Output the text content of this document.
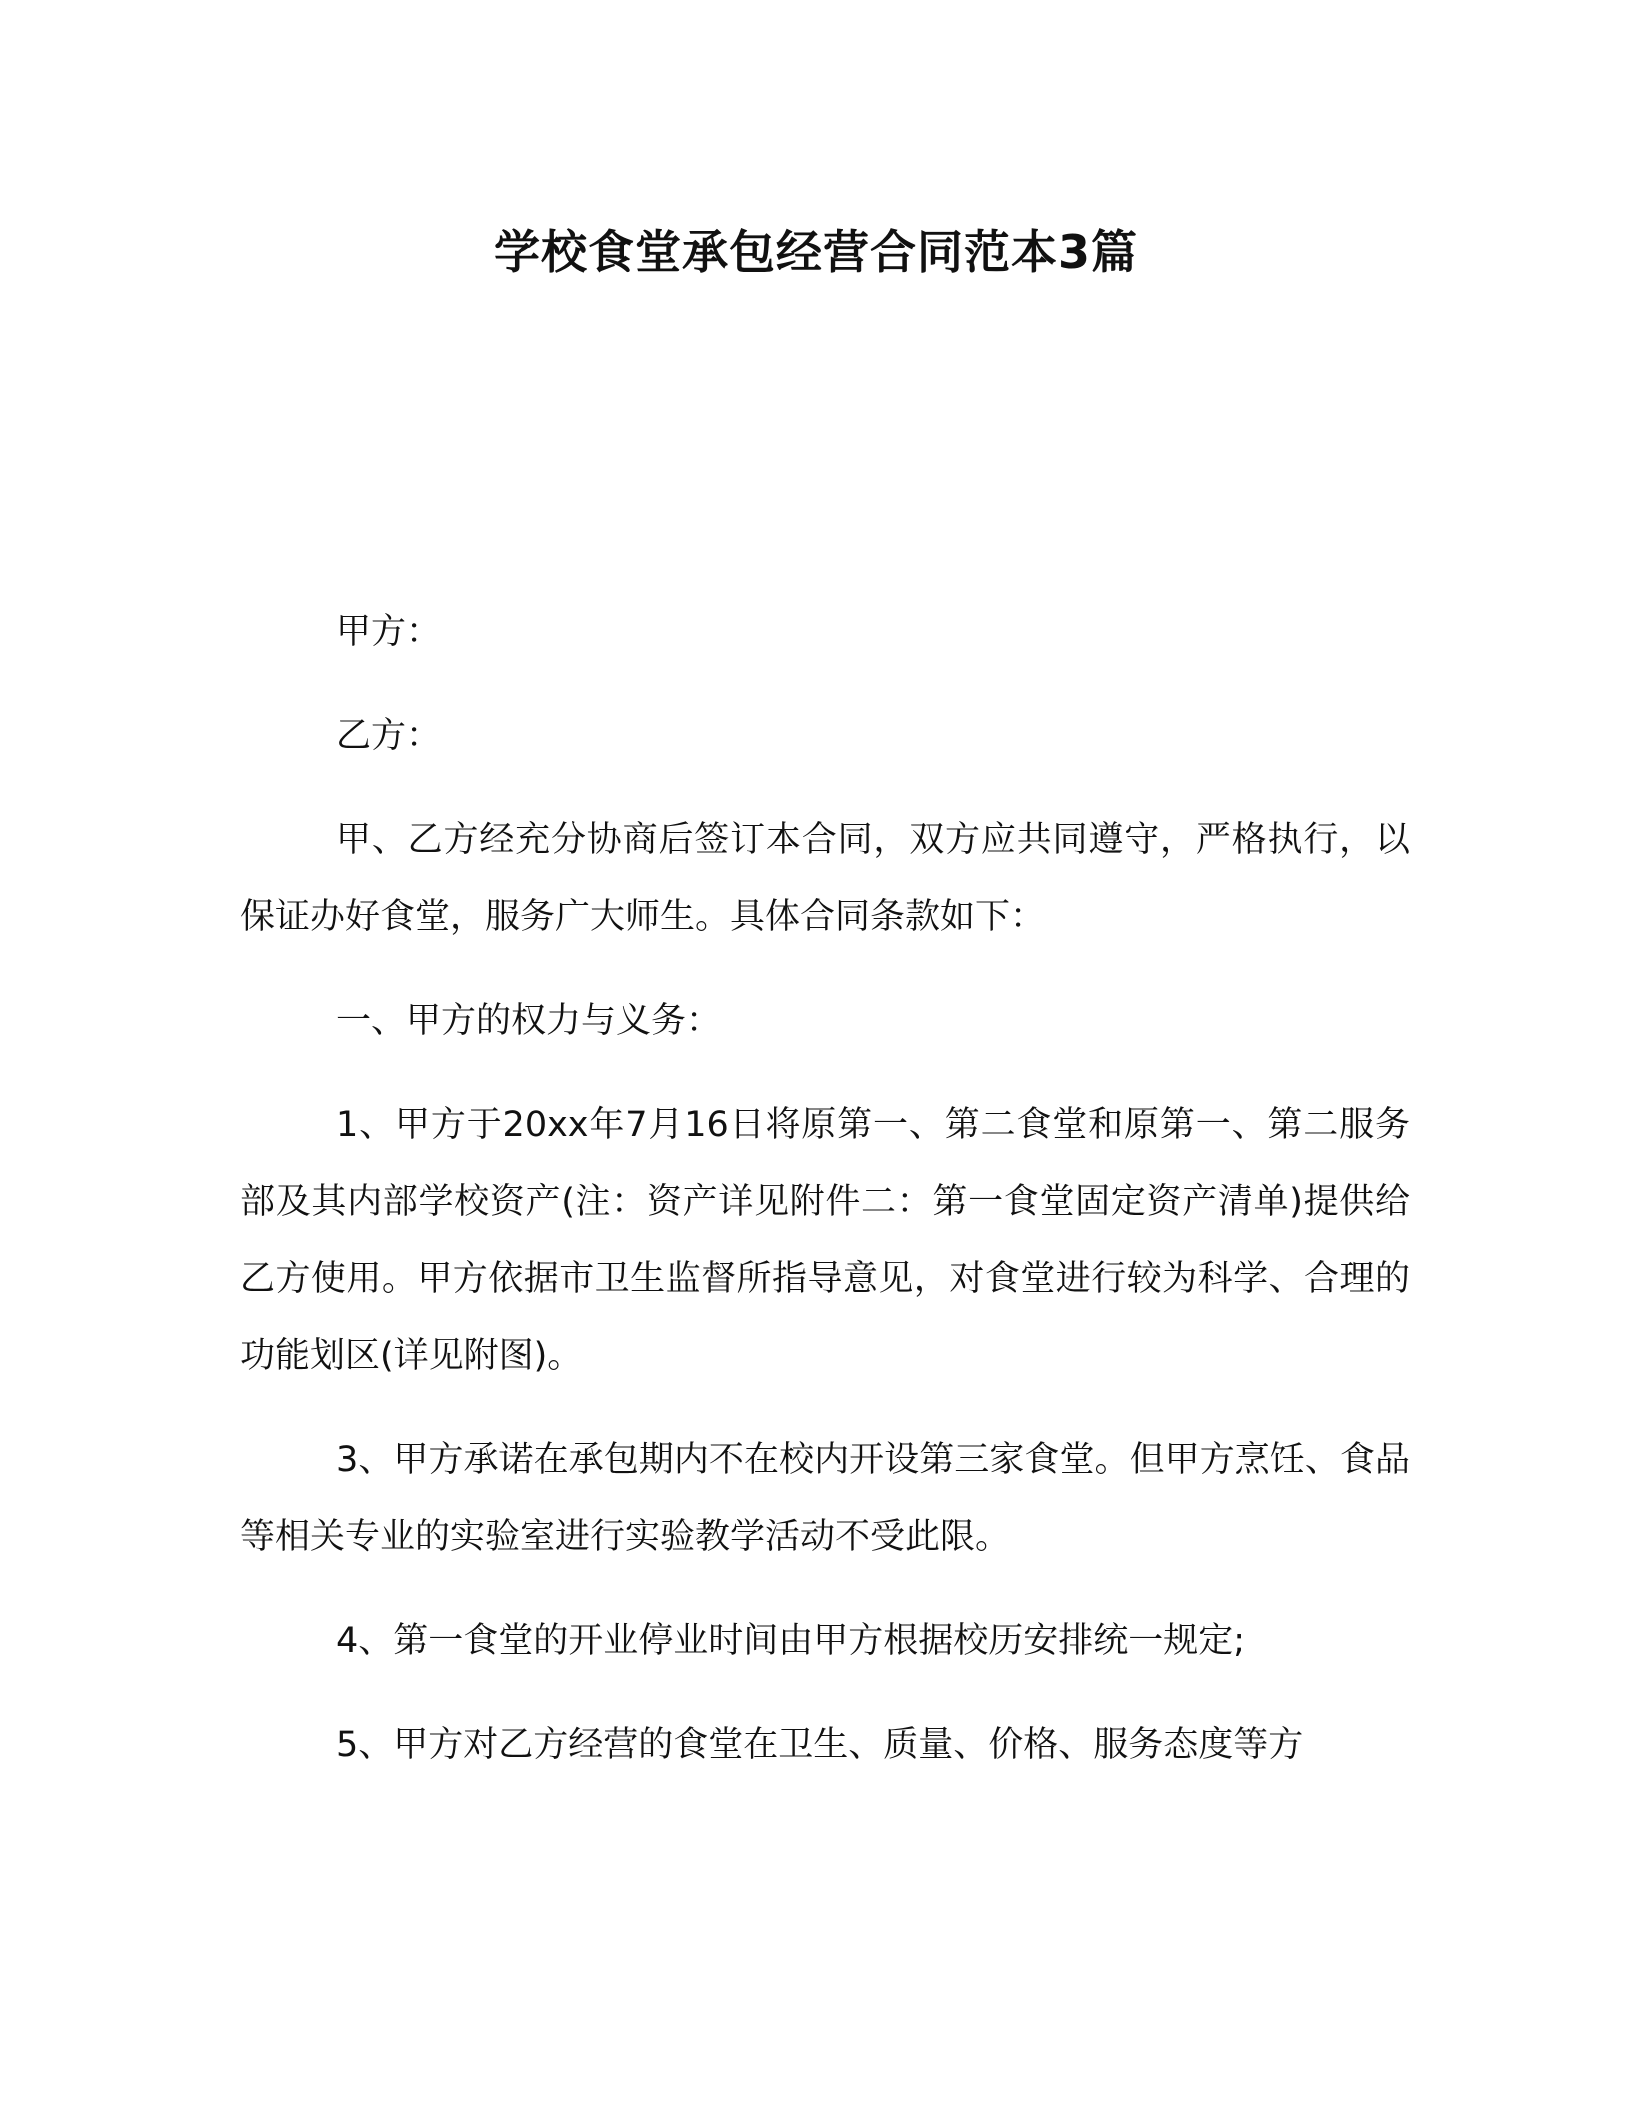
学校食堂承包经营合同范本3篇

甲方：

乙方：

甲、乙方经充分协商后签订本合同，双方应共同遵守，严格执行，以保证办好食堂，服务广大师生。具体合同条款如下：

一、甲方的权力与义务：

1、甲方于20xx年7月16日将原第一、第二食堂和原第一、第二服务部及其内部学校资产(注：资产详见附件二：第一食堂固定资产清单)提供给乙方使用。甲方依据市卫生监督所指导意见，对食堂进行较为科学、合理的功能划区(详见附图)。

3、甲方承诺在承包期内不在校内开设第三家食堂。但甲方烹饪、食品等相关专业的实验室进行实验教学活动不受此限。

4、第一食堂的开业停业时间由甲方根据校历安排统一规定;

5、甲方对乙方经营的食堂在卫生、质量、价格、服务态度等方
